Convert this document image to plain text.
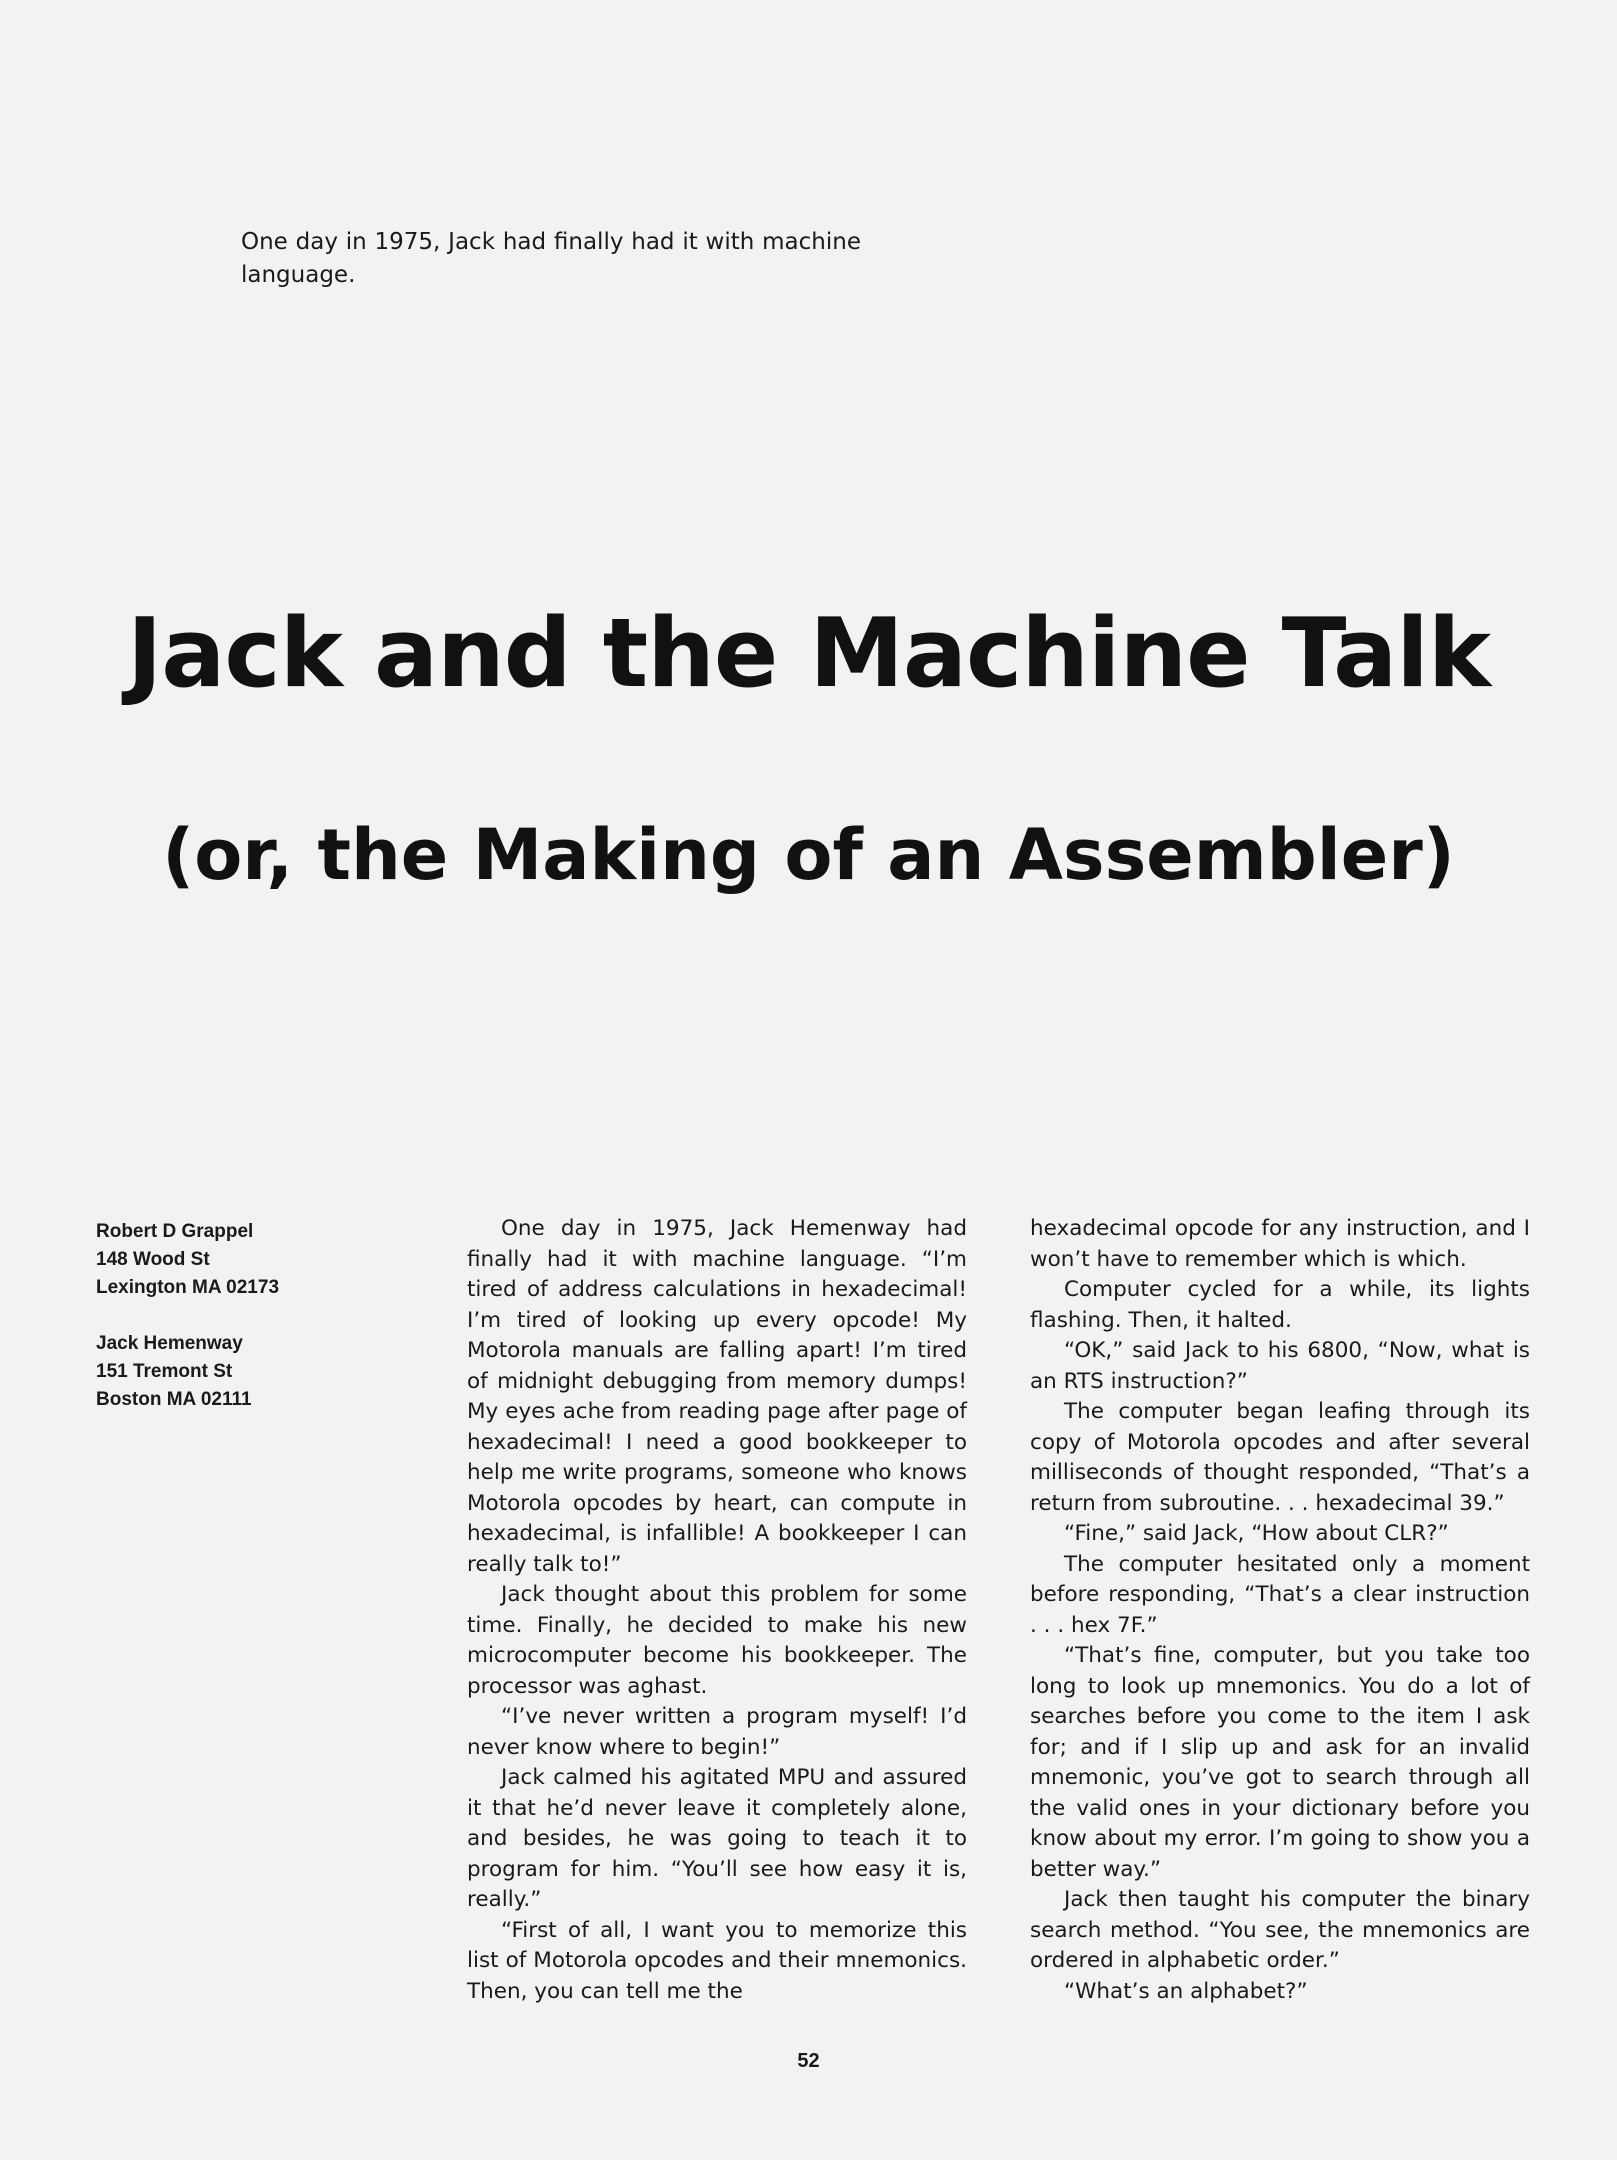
One day in 1975, Jack had finally had it with machine language.

Jack and the Machine Talk
(or, the Making of an Assembler)
Robert D Grappel
148 Wood St
Lexington MA 02173
Jack Hemenway
151 Tremont St
Boston MA 02111

One day in 1975, Jack Hemenway had finally had it with machine language. “I’m tired of address calculations in hexadecimal! I’m tired of looking up every opcode! My Motorola manuals are falling apart! I’m tired of midnight debugging from memory dumps! My eyes ache from reading page after page of hexadecimal! I need a good bookkeeper to help me write programs, someone who knows Motorola opcodes by heart, can compute in hexadecimal, is infallible! A bookkeeper I can really talk to!”

Jack thought about this problem for some time. Finally, he decided to make his new microcomputer become his bookkeeper. The processor was aghast.

“I’ve never written a program myself! I’d never know where to begin!”

Jack calmed his agitated MPU and assured it that he’d never leave it completely alone, and besides, he was going to teach it to program for him. “You’ll see how easy it is, really.”

“First of all, I want you to memorize this list of Motorola opcodes and their mnemonics. Then, you can tell me the

hexadecimal opcode for any instruction, and I won’t have to remember which is which.

Computer cycled for a while, its lights flashing. Then, it halted.

“OK,” said Jack to his 6800, “Now, what is an RTS instruction?”

The computer began leafing through its copy of Motorola opcodes and after several milliseconds of thought responded, “That’s a return from subroutine. . . hexadecimal 39.”

“Fine,” said Jack, “How about CLR?”

The computer hesitated only a moment before responding, “That’s a clear instruction . . . hex 7F.”

“That’s fine, computer, but you take too long to look up mnemonics. You do a lot of searches before you come to the item I ask for; and if I slip up and ask for an invalid mnemonic, you’ve got to search through all the valid ones in your dictionary before you know about my error. I’m going to show you a better way.”

Jack then taught his computer the binary search method. “You see, the mnemonics are ordered in alphabetic order.”

“What’s an alphabet?”

52
